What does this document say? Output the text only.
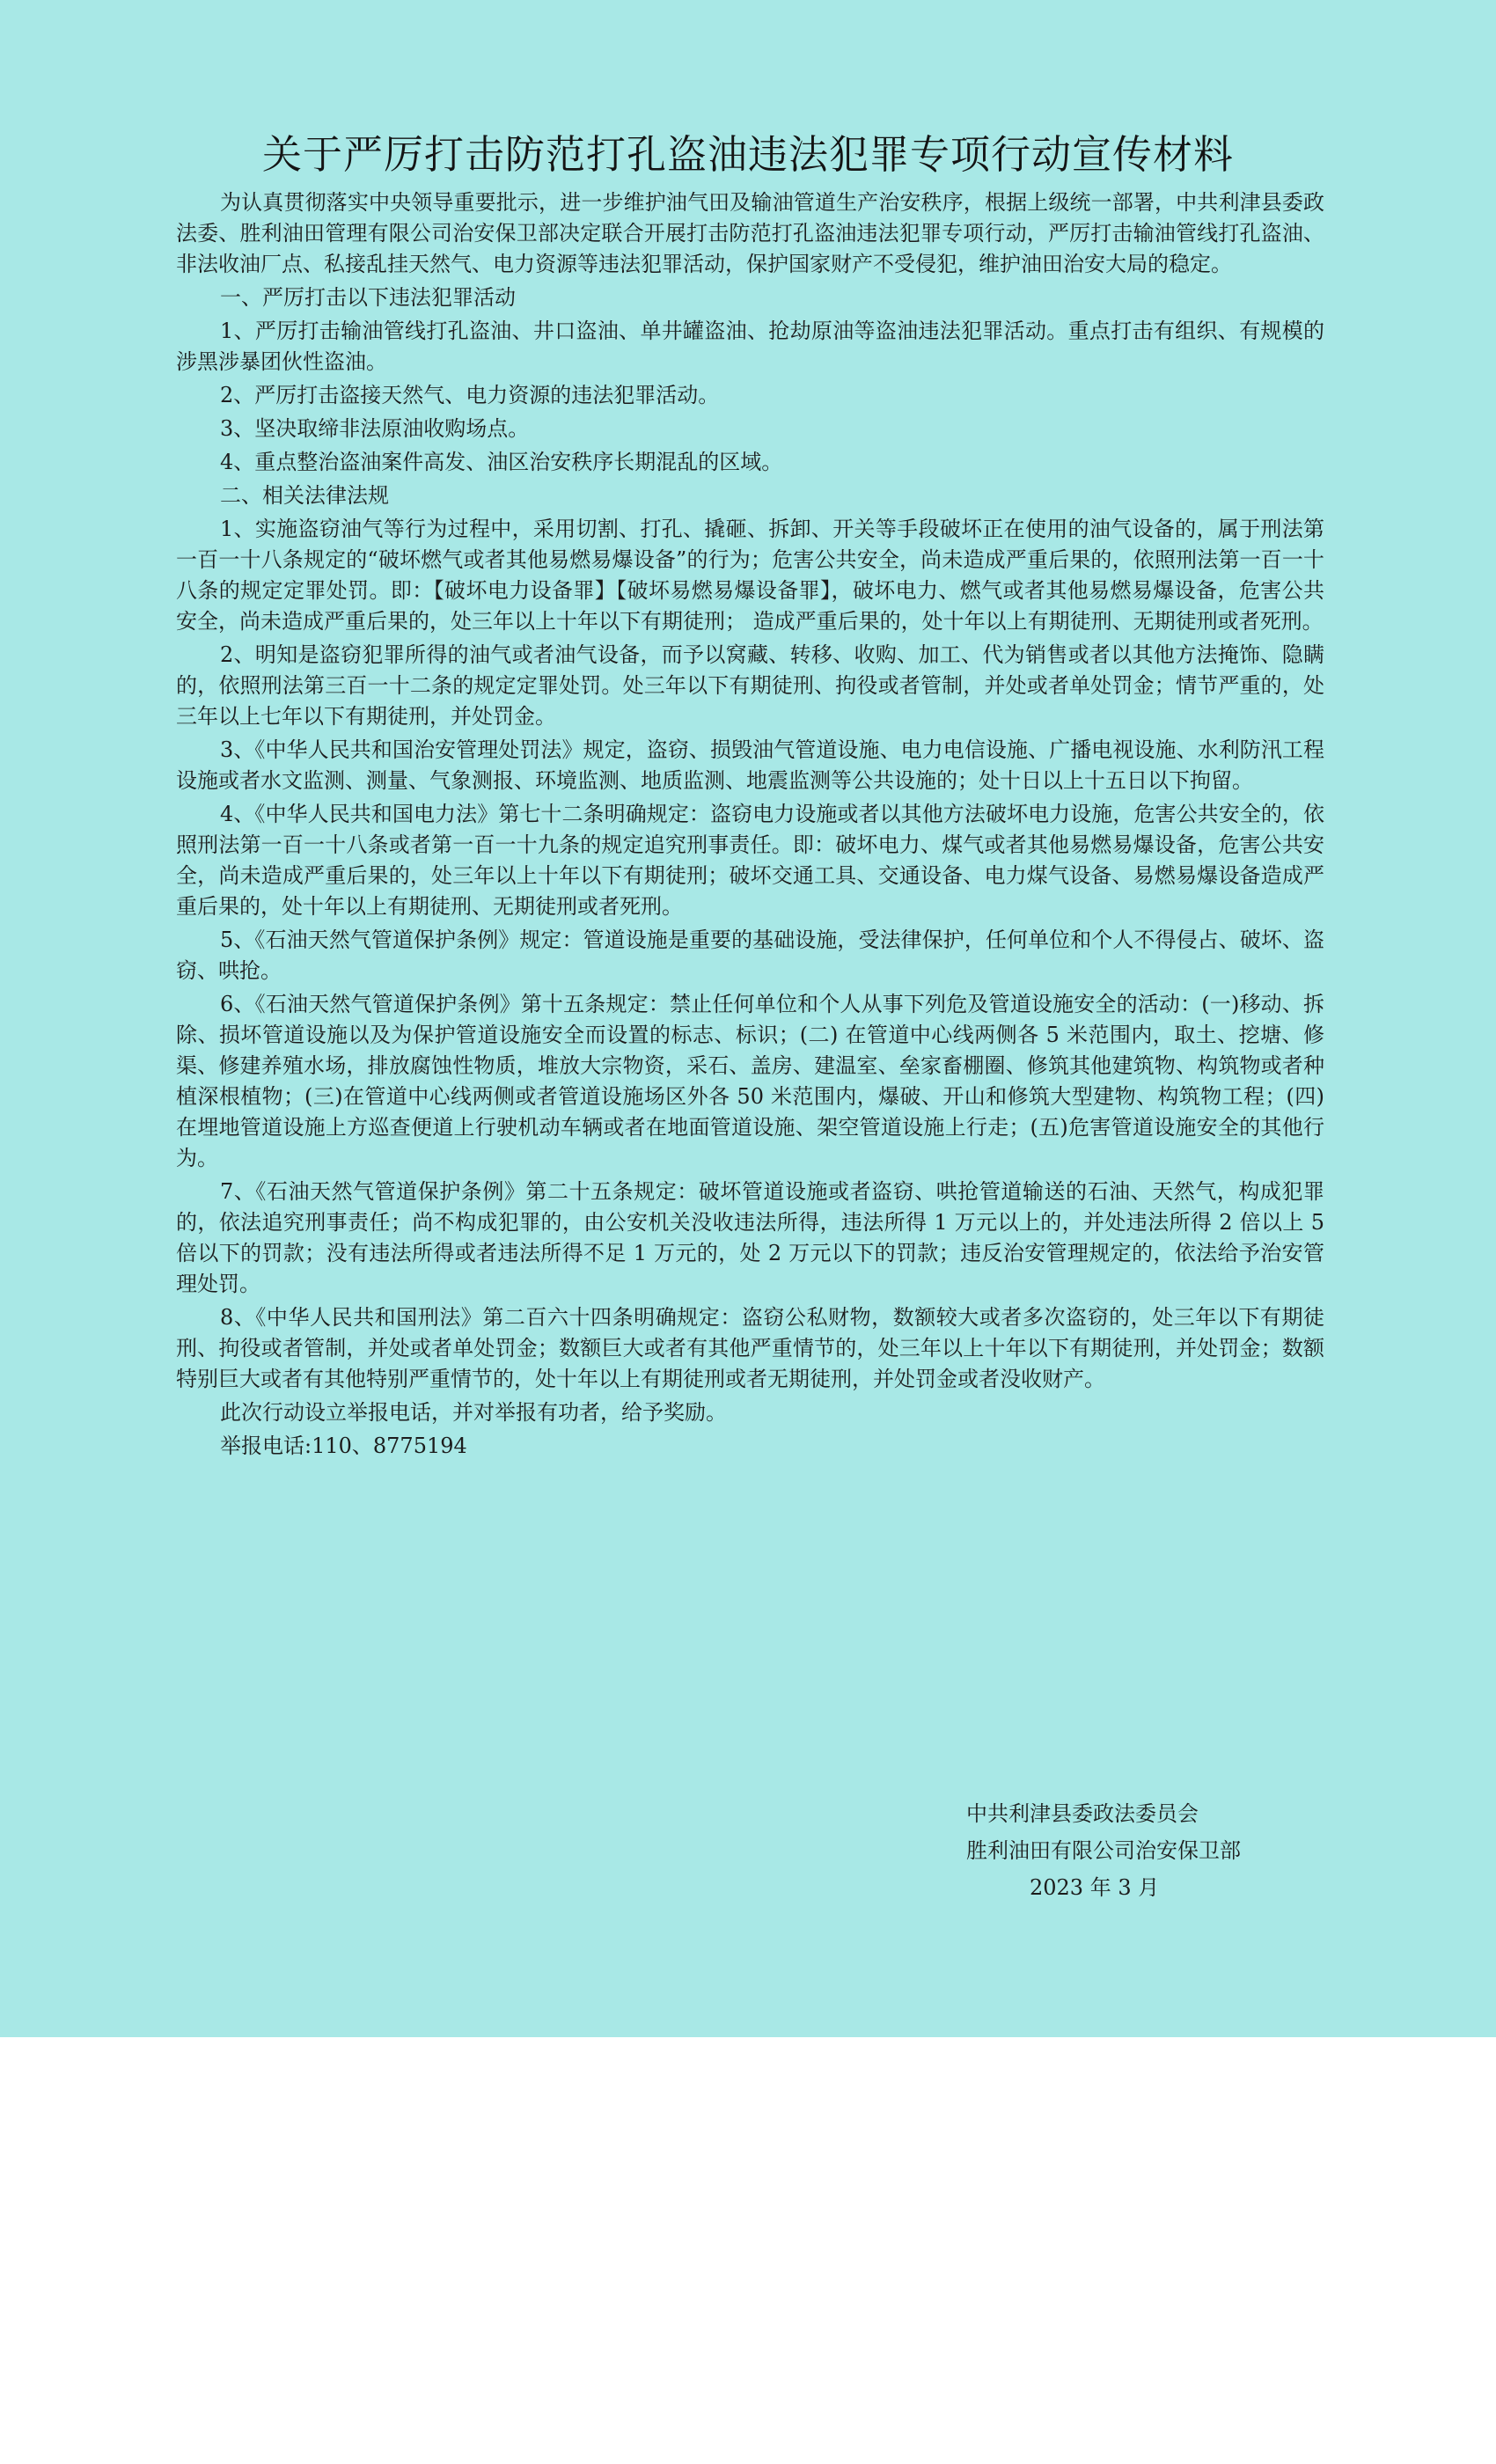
关于严厉打击防范打孔盗油违法犯罪专项行动宣传材料

为认真贯彻落实中央领导重要批示，进一步维护油气田及输油管道生产治安秩序，根据上级统一部署，中共利津县委政法委、胜利油田管理有限公司治安保卫部决定联合开展打击防范打孔盗油违法犯罪专项行动，严厉打击输油管线打孔盗油、非法收油厂点、私接乱挂天然气、电力资源等违法犯罪活动，保护国家财产不受侵犯，维护油田治安大局的稳定。

一、严厉打击以下违法犯罪活动

1、严厉打击输油管线打孔盗油、井口盗油、单井罐盗油、抢劫原油等盗油违法犯罪活动。重点打击有组织、有规模的涉黑涉暴团伙性盗油。

2、严厉打击盗接天然气、电力资源的违法犯罪活动。

3、坚决取缔非法原油收购场点。

4、重点整治盗油案件高发、油区治安秩序长期混乱的区域。

二、相关法律法规

1、实施盗窃油气等行为过程中，采用切割、打孔、撬砸、拆卸、开关等手段破坏正在使用的油气设备的，属于刑法第一百一十八条规定的“破坏燃气或者其他易燃易爆设备”的行为；危害公共安全，尚未造成严重后果的，依照刑法第一百一十八条的规定定罪处罚。即：【破坏电力设备罪】【破坏易燃易爆设备罪】，破坏电力、燃气或者其他易燃易爆设备，危害公共安全，尚未造成严重后果的，处三年以上十年以下有期徒刑； 造成严重后果的，处十年以上有期徒刑、无期徒刑或者死刑。

2、明知是盗窃犯罪所得的油气或者油气设备，而予以窝藏、转移、收购、加工、代为销售或者以其他方法掩饰、隐瞒的，依照刑法第三百一十二条的规定定罪处罚。处三年以下有期徒刑、拘役或者管制，并处或者单处罚金；情节严重的，处三年以上七年以下有期徒刑，并处罚金。

3、《中华人民共和国治安管理处罚法》规定，盗窃、损毁油气管道设施、电力电信设施、广播电视设施、水利防汛工程设施或者水文监测、测量、气象测报、环境监测、地质监测、地震监测等公共设施的；处十日以上十五日以下拘留。

4、《中华人民共和国电力法》第七十二条明确规定：盗窃电力设施或者以其他方法破坏电力设施，危害公共安全的，依照刑法第一百一十八条或者第一百一十九条的规定追究刑事责任。即：破坏电力、煤气或者其他易燃易爆设备，危害公共安全，尚未造成严重后果的，处三年以上十年以下有期徒刑；破坏交通工具、交通设备、电力煤气设备、易燃易爆设备造成严重后果的，处十年以上有期徒刑、无期徒刑或者死刑。

5、《石油天然气管道保护条例》规定：管道设施是重要的基础设施，受法律保护，任何单位和个人不得侵占、破坏、盗窃、哄抢。

6、《石油天然气管道保护条例》第十五条规定：禁止任何单位和个人从事下列危及管道设施安全的活动：(一)移动、拆除、损坏管道设施以及为保护管道设施安全而设置的标志、标识；(二) 在管道中心线两侧各 5 米范围内，取土、挖塘、修渠、修建养殖水场，排放腐蚀性物质，堆放大宗物资，采石、盖房、建温室、垒家畜棚圈、修筑其他建筑物、构筑物或者种植深根植物；(三)在管道中心线两侧或者管道设施场区外各 50 米范围内，爆破、开山和修筑大型建物、构筑物工程；(四)在埋地管道设施上方巡查便道上行驶机动车辆或者在地面管道设施、架空管道设施上行走；(五)危害管道设施安全的其他行为。

7、《石油天然气管道保护条例》第二十五条规定：破坏管道设施或者盗窃、哄抢管道输送的石油、天然气，构成犯罪的，依法追究刑事责任；尚不构成犯罪的，由公安机关没收违法所得，违法所得 1 万元以上的，并处违法所得 2 倍以上 5 倍以下的罚款；没有违法所得或者违法所得不足 1 万元的，处 2 万元以下的罚款；违反治安管理规定的，依法给予治安管理处罚。

8、《中华人民共和国刑法》第二百六十四条明确规定：盗窃公私财物，数额较大或者多次盗窃的，处三年以下有期徒刑、拘役或者管制，并处或者单处罚金；数额巨大或者有其他严重情节的，处三年以上十年以下有期徒刑，并处罚金；数额特别巨大或者有其他特别严重情节的，处十年以上有期徒刑或者无期徒刑，并处罚金或者没收财产。

此次行动设立举报电话，并对举报有功者，给予奖励。

举报电话:110、8775194

中共利津县委政法委员会
胜利油田有限公司治安保卫部
2023 年 3 月
